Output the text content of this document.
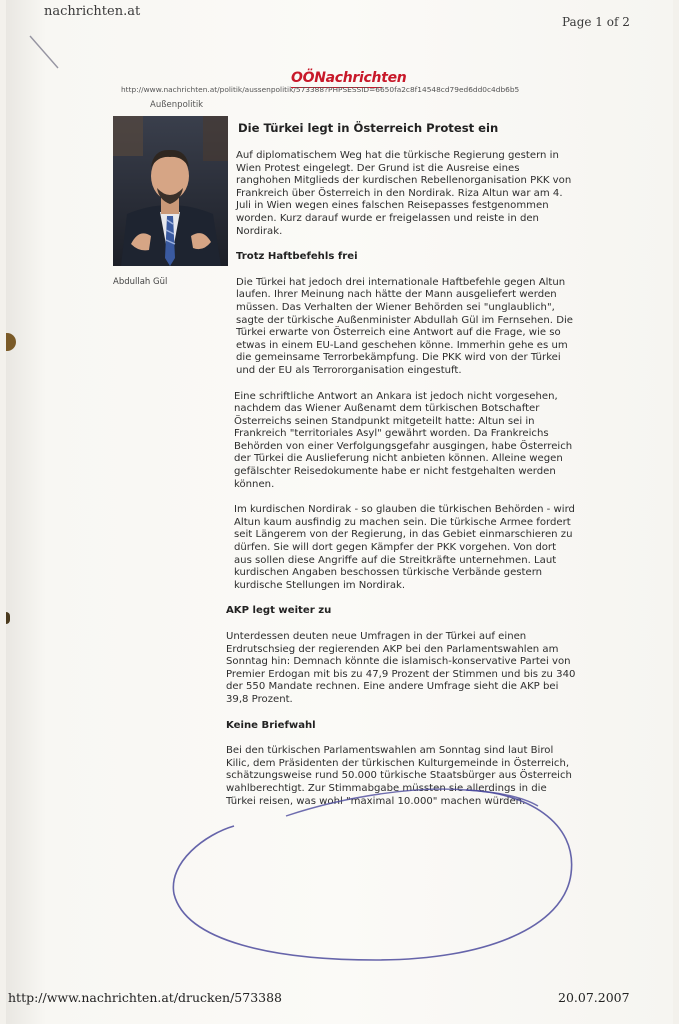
nachrichten.at
Page 1 of 2
OÖNachrichten
http://www.nachrichten.at/politik/aussenpolitik/573388?PHPSESSID=6650fa2c8f14548cd79ed6dd0c4db6b5
Außenpolitik
Abdullah Gül
Die Türkei legt in Österreich Protest ein

Auf diplomatischem Weg hat die türkische Regierung gestern in Wien Protest eingelegt. Der Grund ist die Ausreise eines ranghohen Mitglieds der kurdischen Rebellenorganisation PKK von Frankreich über Österreich in den Nordirak. Riza Altun war am 4. Juli in Wien wegen eines falschen Reisepasses festgenommen worden. Kurz darauf wurde er freigelassen und reiste in den Nordirak.

Trotz Haftbefehls frei

Die Türkei hat jedoch drei internationale Haftbefehle gegen Altun laufen. Ihrer Meinung nach hätte der Mann ausgeliefert werden müssen. Das Verhalten der Wiener Behörden sei "unglaublich", sagte der türkische Außenminister Abdullah Gül im Fernsehen. Die Türkei erwarte von Österreich eine Antwort auf die Frage, wie so etwas in einem EU-Land geschehen könne. Immerhin gehe es um die gemeinsame Terrorbekämpfung. Die PKK wird von der Türkei und der EU als Terrororganisation eingestuft.

Eine schriftliche Antwort an Ankara ist jedoch nicht vorgesehen, nachdem das Wiener Außenamt dem türkischen Botschafter Österreichs seinen Standpunkt mitgeteilt hatte: Altun sei in Frankreich "territoriales Asyl" gewährt worden. Da Frankreichs Behörden von einer Verfolgungsgefahr ausgingen, habe Österreich der Türkei die Auslieferung nicht anbieten können. Alleine wegen gefälschter Reisedokumente habe er nicht festgehalten werden können.

Im kurdischen Nordirak - so glauben die türkischen Behörden - wird Altun kaum ausfindig zu machen sein. Die türkische Armee fordert seit Längerem von der Regierung, in das Gebiet einmarschieren zu dürfen. Sie will dort gegen Kämpfer der PKK vorgehen. Von dort aus sollen diese Angriffe auf die Streitkräfte unternehmen. Laut kurdischen Angaben beschossen türkische Verbände gestern kurdische Stellungen im Nordirak.

AKP legt weiter zu

Unterdessen deuten neue Umfragen in der Türkei auf einen Erdrutschsieg der regierenden AKP bei den Parlamentswahlen am Sonntag hin: Demnach könnte die islamisch-konservative Partei von Premier Erdogan mit bis zu 47,9 Prozent der Stimmen und bis zu 340 der 550 Mandate rechnen. Eine andere Umfrage sieht die AKP bei 39,8 Prozent.

Keine Briefwahl

Bei den türkischen Parlamentswahlen am Sonntag sind laut Birol Kilic, dem Präsidenten der türkischen Kulturgemeinde in Österreich, schätzungsweise rund 50.000 türkische Staatsbürger aus Österreich wahlberechtigt. Zur Stimmabgabe müssten sie allerdings in die Türkei reisen, was wohl "maximal 10.000" machen würden.

http://www.nachrichten.at/drucken/573388	20.07.2007
